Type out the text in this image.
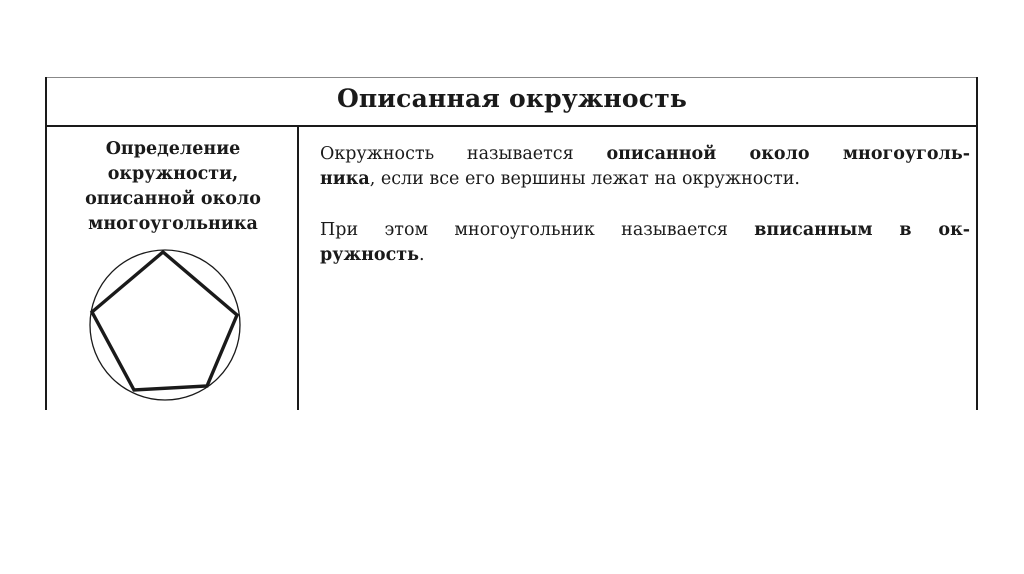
Описанная окружность
Определение
окружности,
описанной около
многоугольника
Окружность называется описанной около многоуголь-
ника, если все его вершины лежат на окружности.
При этом многоугольник называется вписанным в ок-
ружность.
